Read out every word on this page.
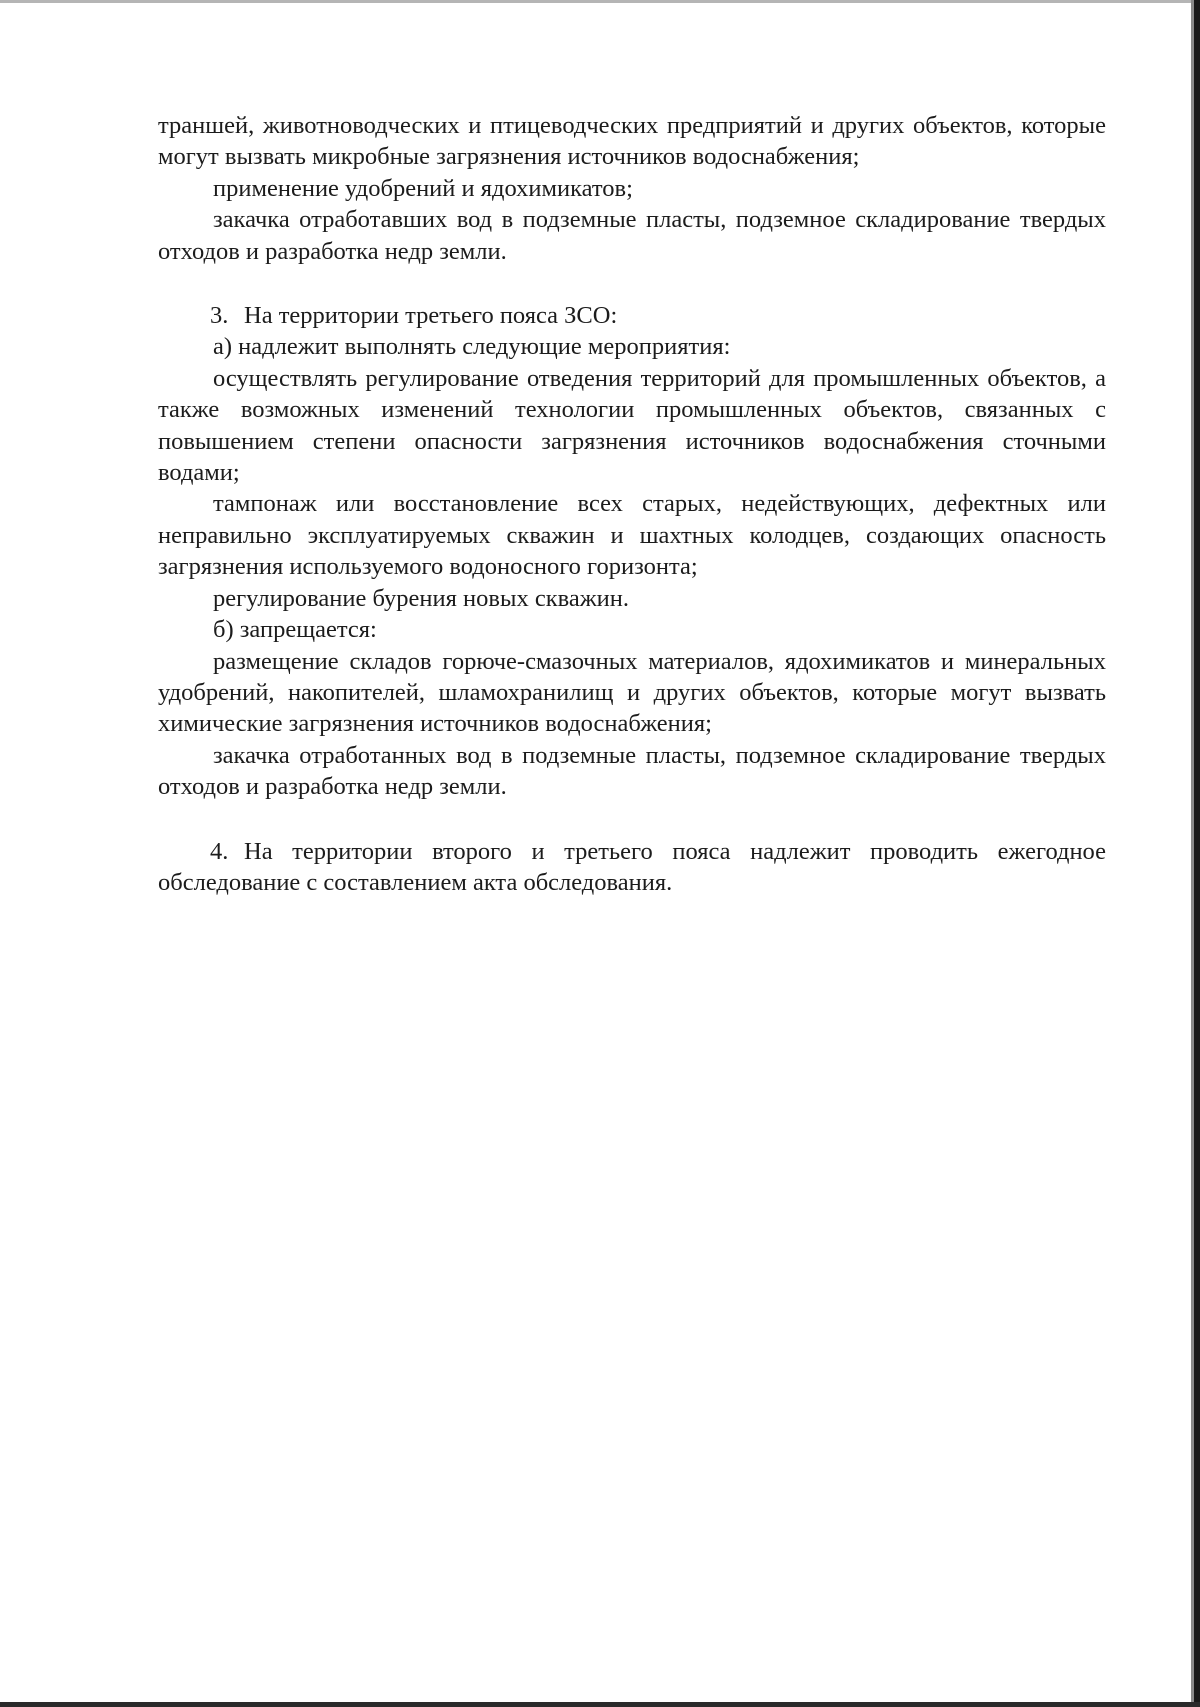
траншей, животноводческих и птицеводческих предприятий и других объектов, которые могут вызвать микробные загрязнения источников водоснабжения;

применение удобрений и ядохимикатов;

закачка отработавших вод в подземные пласты, подземное складирование твердых отходов и разработка недр земли.

3. На территории третьего пояса ЗСО:

а) надлежит выполнять следующие мероприятия:

осуществлять регулирование отведения территорий для промышленных объектов, а также возможных изменений технологии промышленных объектов, связанных с повышением степени опасности загрязнения источников водоснабжения сточными водами;

тампонаж или восстановление всех старых, недействующих, дефектных или неправильно эксплуатируемых скважин и шахтных колодцев, создающих опасность загрязнения используемого водоносного горизонта;

регулирование бурения новых скважин.

б) запрещается:

размещение складов горюче-смазочных материалов, ядохимикатов и минеральных удобрений, накопителей, шламохранилищ и других объектов, которые могут вызвать химические загрязнения источников водоснабжения;

закачка отработанных вод в подземные пласты, подземное складирование твердых отходов и разработка недр земли.

4. На территории второго и третьего пояса надлежит проводить ежегодное обследование с составлением акта обследования.
